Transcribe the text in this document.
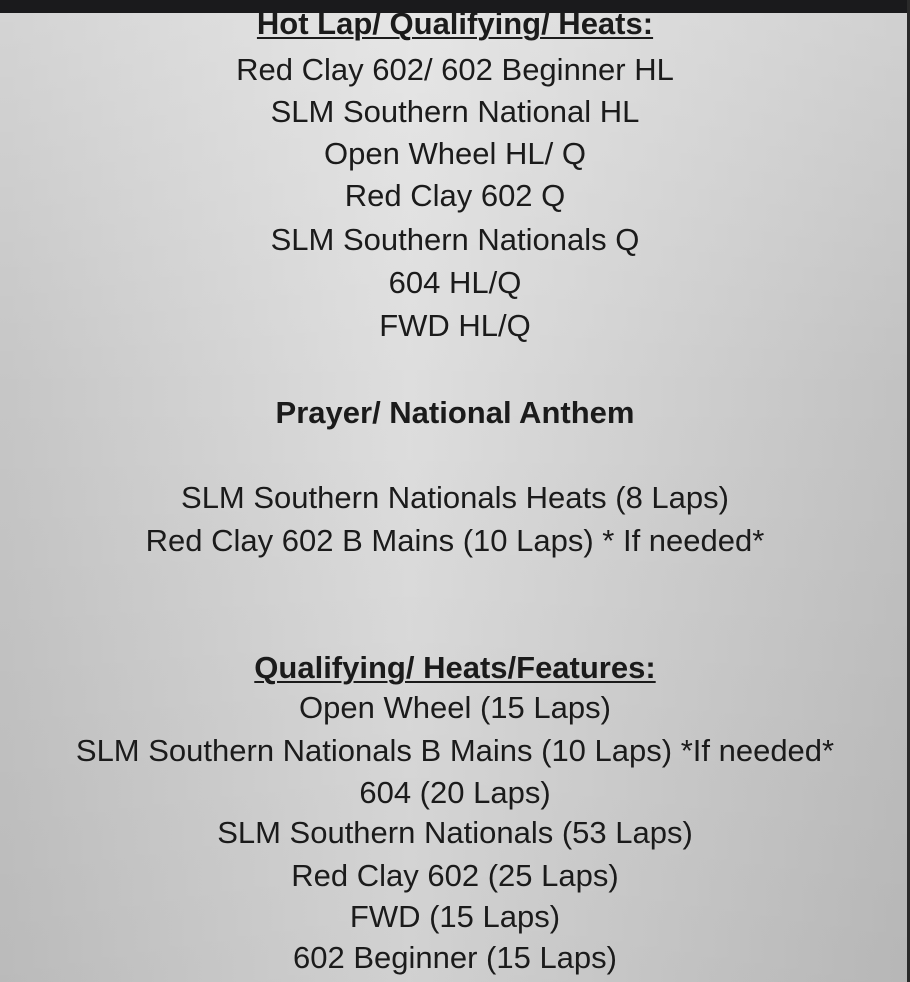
Hot Lap/ Qualifying/ Heats:
Red Clay 602/ 602 Beginner HL
SLM Southern National HL
Open Wheel HL/ Q
Red Clay 602 Q
SLM Southern Nationals Q
604 HL/Q
FWD HL/Q
Prayer/ National Anthem
SLM Southern Nationals Heats (8 Laps)
Red Clay 602 B Mains (10 Laps) * If needed*
Qualifying/ Heats/Features:
Open Wheel (15 Laps)
SLM Southern Nationals B Mains (10 Laps) *If needed*
604 (20 Laps)
SLM Southern Nationals (53 Laps)
Red Clay 602 (25 Laps)
FWD (15 Laps)
602 Beginner (15 Laps)
